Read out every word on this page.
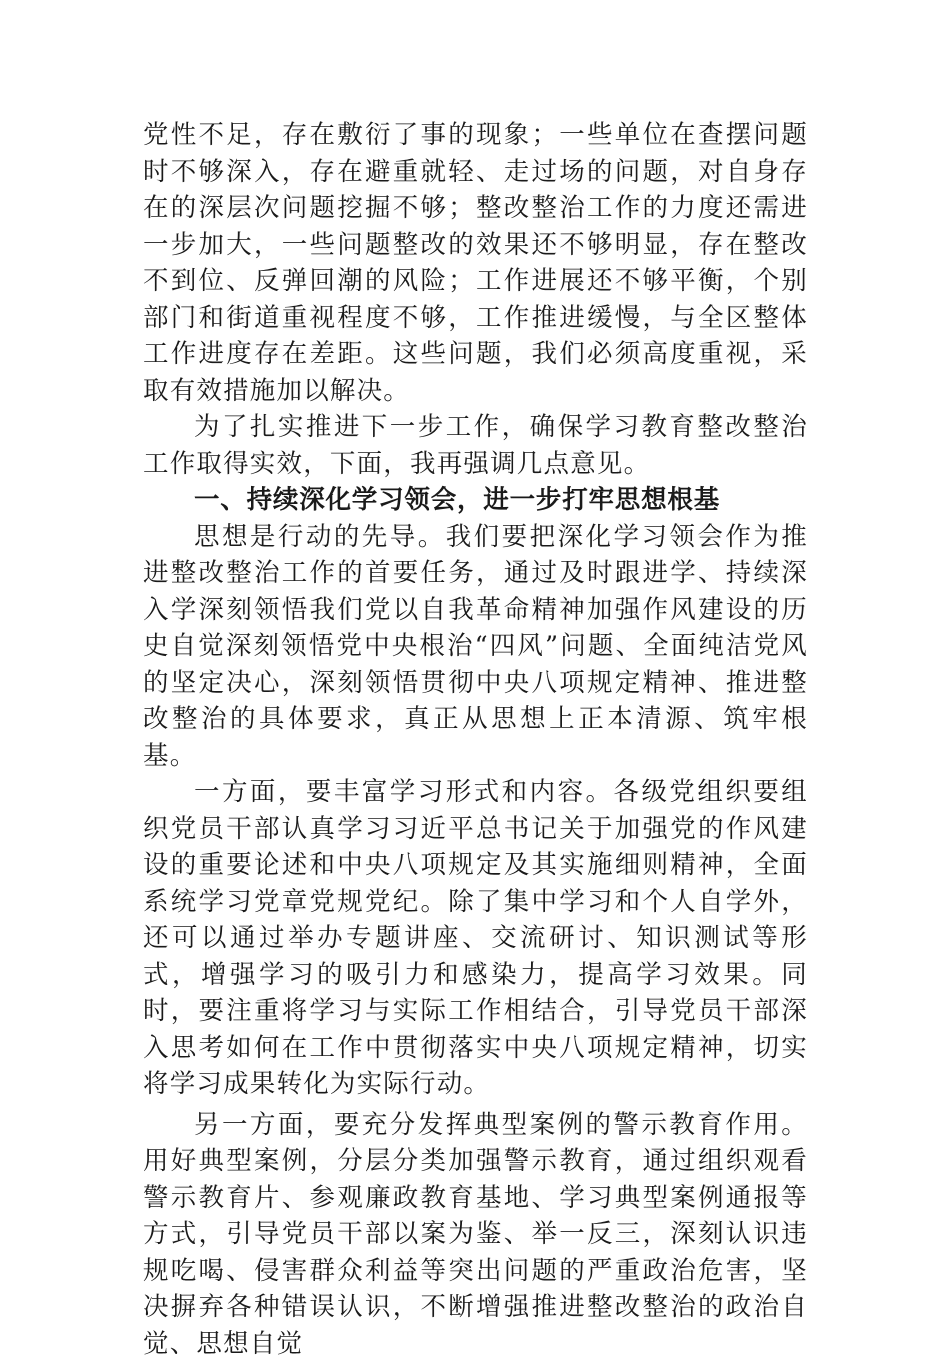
党性不足，存在敷衍了事的现象；一些单位在查摆问题时不够深入，存在避重就轻、走过场的问题，对自身存在的深层次问题挖掘不够；整改整治工作的力度还需进一步加大，一些问题整改的效果还不够明显，存在整改不到位、反弹回潮的风险；工作进展还不够平衡，个别部门和街道重视程度不够，工作推进缓慢，与全区整体工作进度存在差距。这些问题，我们必须高度重视，采取有效措施加以解决。

为了扎实推进下一步工作，确保学习教育整改整治工作取得实效，下面，我再强调几点意见。

一、持续深化学习领会，进一步打牢思想根基

思想是行动的先导。我们要把深化学习领会作为推进整改整治工作的首要任务，通过及时跟进学、持续深入学深刻领悟我们党以自我革命精神加强作风建设的历史自觉深刻领悟党中央根治“四风”问题、全面纯洁党风的坚定决心，深刻领悟贯彻中央八项规定精神、推进整改整治的具体要求，真正从思想上正本清源、筑牢根基。

一方面，要丰富学习形式和内容。各级党组织要组织党员干部认真学习习近平总书记关于加强党的作风建设的重要论述和中央八项规定及其实施细则精神，全面系统学习党章党规党纪。除了集中学习和个人自学外，还可以通过举办专题讲座、交流研讨、知识测试等形式，增强学习的吸引力和感染力，提高学习效果。同时，要注重将学习与实际工作相结合，引导党员干部深入思考如何在工作中贯彻落实中央八项规定精神，切实将学习成果转化为实际行动。

另一方面，要充分发挥典型案例的警示教育作用。用好典型案例，分层分类加强警示教育，通过组织观看警示教育片、参观廉政教育基地、学习典型案例通报等方式，引导党员干部以案为鉴、举一反三，深刻认识违规吃喝、侵害群众利益等突出问题的严重政治危害，坚决摒弃各种错误认识，不断增强推进整改整治的政治自觉、思想自觉
